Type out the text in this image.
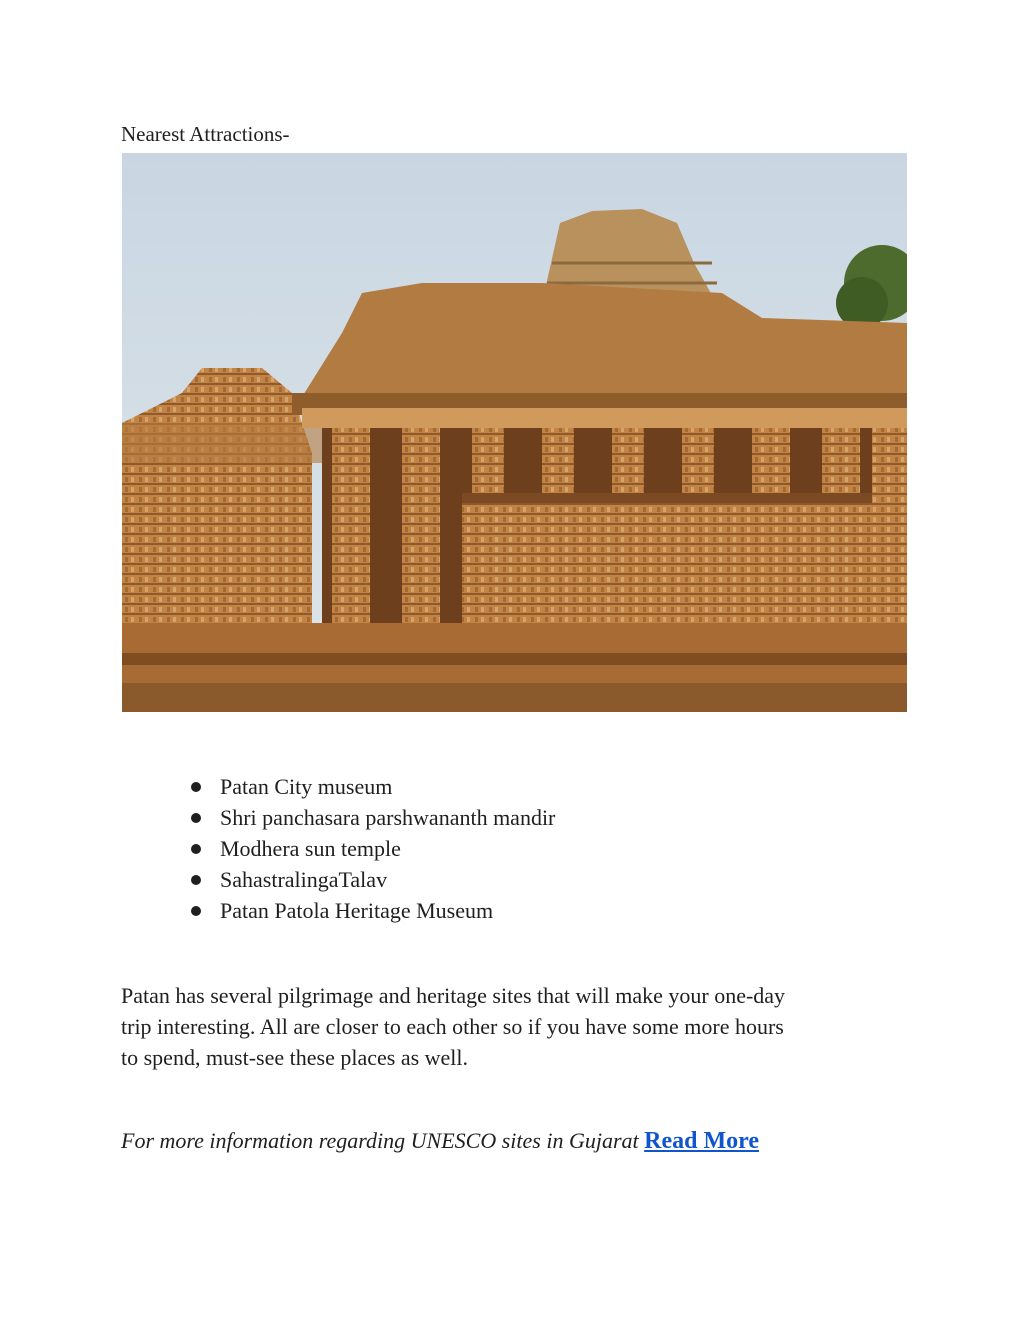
Nearest Attractions-
Patan City museum
Shri panchasara parshwananth mandir
Modhera sun temple
SahastralingaTalav
Patan Patola Heritage Museum

Patan has several pilgrimage and heritage sites that will make your one-day
trip interesting. All are closer to each other so if you have some more hours
to spend, must-see these places as well.

For more information regarding UNESCO sites in Gujarat Read More
